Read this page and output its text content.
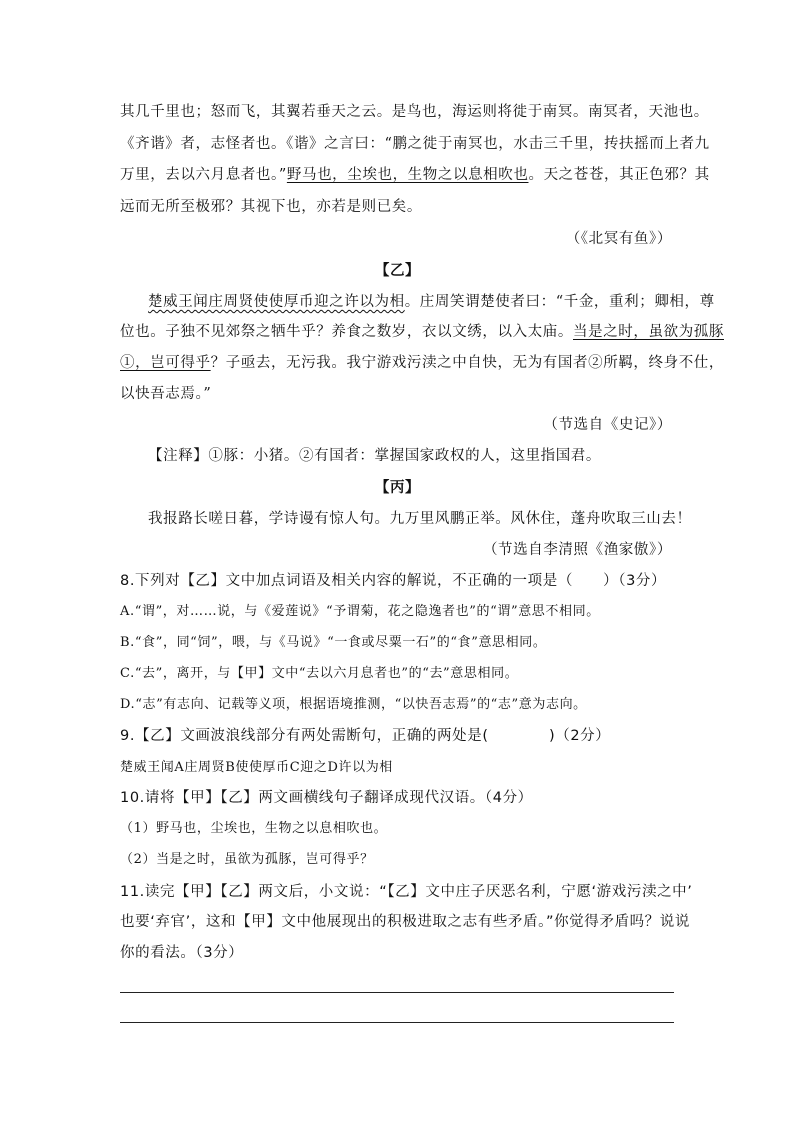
其几千里也；怒而飞，其翼若垂天之云。是鸟也，海运则将徙于南冥。南冥者，天池也。
《齐谐》者，志怪者也。《谐》之言曰：“鹏之徙于南冥也，水击三千里，抟扶摇而上者九
万里，去以六月息者也。”野马也，尘埃也，生物之以息相吹也。天之苍苍，其正色邪？其
远而无所至极邪？其视下也，亦若是则已矣。
（《北冥有鱼》）
【乙】
楚威王闻庄周贤使使厚币迎之许以为相。庄周笑谓楚使者曰：“千金，重利；卿相，尊
位也。子独不见郊祭之牺牛乎？养食之数岁，衣以文绣，以入太庙。当是之时，虽欲为孤豚
①，岂可得乎？子亟去，无污我。我宁游戏污渎之中自快，无为有国者②所羁，终身不仕，
以快吾志焉。”
（节选自《史记》）
【注释】①豚：小猪。②有国者：掌握国家政权的人，这里指国君。
【丙】
我报路长嗟日暮，学诗谩有惊人句。九万里风鹏正举。风休住，蓬舟吹取三山去！
（节选自李清照《渔家傲》）
8.下列对【乙】文中加点词语及相关内容的解说，不正确的一项是（　　）（3分）
A.“谓”，对……说，与《爱莲说》“予谓菊，花之隐逸者也”的“谓”意思不相同。
B.“食”，同“饲”，喂，与《马说》“一食或尽粟一石”的“食”意思相同。
C.“去”，离开，与【甲】文中“去以六月息者也”的“去”意思相同。
D.“志”有志向、记载等义项，根据语境推测，“以快吾志焉”的“志”意为志向。
9.【乙】文画波浪线部分有两处需断句，正确的两处是(　　　　)（2分）
楚威王闻A庄周贤B使使厚币C迎之D许以为相
10.请将【甲】【乙】两文画横线句子翻译成现代汉语。（4分）
（1）野马也，尘埃也，生物之以息相吹也。
（2）当是之时，虽欲为孤豚，岂可得乎？
11.读完【甲】【乙】两文后，小文说：“【乙】文中庄子厌恶名利，宁愿‘游戏污渎之中’
也要‘弃官’，这和【甲】文中他展现出的积极进取之志有些矛盾。”你觉得矛盾吗？说说
你的看法。（3分）
